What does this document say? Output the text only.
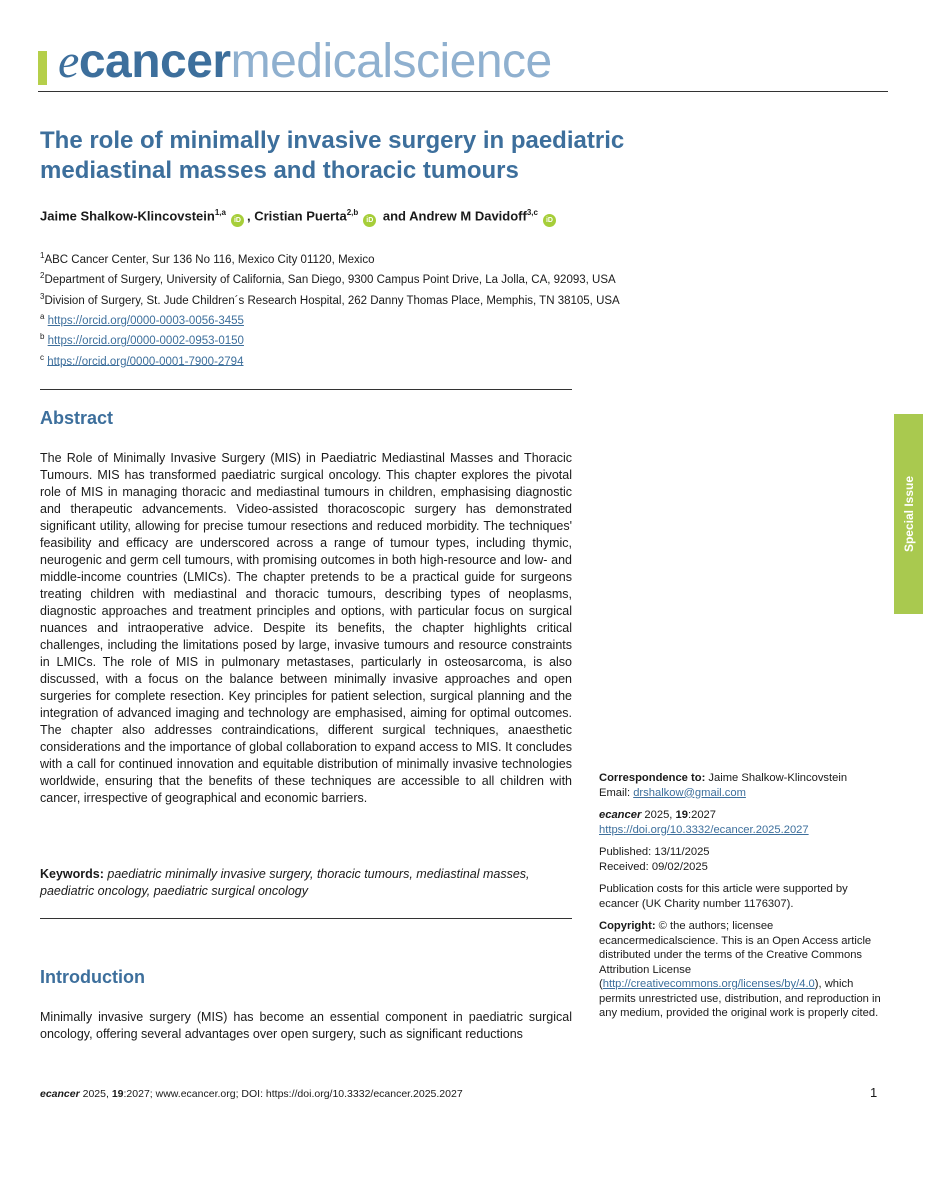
ecancermedicalscience
The role of minimally invasive surgery in paediatric mediastinal masses and thoracic tumours
Jaime Shalkow-Klincovstein$^{1,a}$iD , Cristian Puerta$^{2,b}$iD and Andrew M Davidoff$^{3,c}$iD
$^1$ABC Cancer Center, Sur 136 No 116, Mexico City 01120, Mexico
$^2$Department of Surgery, University of California, San Diego, 9300 Campus Point Drive, La Jolla, CA, 92093, USA
$^3$Division of Surgery, St. Jude Children´s Research Hospital, 262 Danny Thomas Place, Memphis, TN 38105, USA
$^a$ https://orcid.org/0000-0003-0056-3455
$^b$ https://orcid.org/0000-0002-0953-0150
$^c$ https://orcid.org/0000-0001-7900-2794
Abstract

The Role of Minimally Invasive Surgery (MIS) in Paediatric Mediastinal Masses and Thoracic Tumours. MIS has transformed paediatric surgical oncology. This chapter explores the pivotal role of MIS in managing thoracic and mediastinal tumours in children, emphasising diagnostic and therapeutic advancements. Video-assisted thoracoscopic surgery has demonstrated significant utility, allowing for precise tumour resections and reduced morbidity. The techniques' feasibility and efficacy are underscored across a range of tumour types, including thymic, neurogenic and germ cell tumours, with promising outcomes in both high-resource and low- and middle-income countries (LMICs). The chapter pretends to be a practical guide for surgeons treating children with mediastinal and thoracic tumours, describing types of neoplasms, diagnostic approaches and treatment principles and options, with particular focus on surgical nuances and intraoperative advice. Despite its benefits, the chapter highlights critical challenges, including the limitations posed by large, invasive tumours and resource constraints in LMICs. The role of MIS in pulmonary metastases, particularly in osteosarcoma, is also discussed, with a focus on the balance between minimally invasive approaches and open surgeries for complete resection. Key principles for patient selection, surgical planning and the integration of advanced imaging and technology are emphasised, aiming for optimal outcomes. The chapter also addresses contraindications, different surgical techniques, anaesthetic considerations and the importance of global collaboration to expand access to MIS. It concludes with a call for continued innovation and equitable distribution of minimally invasive technologies worldwide, ensuring that the benefits of these techniques are accessible to all children with cancer, irrespective of geographical and economic barriers.

Keywords: paediatric minimally invasive surgery, thoracic tumours, mediastinal masses, paediatric oncology, paediatric surgical oncology
Introduction

Minimally invasive surgery (MIS) has become an essential component in paediatric surgical oncology, offering several advantages over open surgery, such as significant reductions

Special Issue
Correspondence to: Jaime Shalkow-Klincovstein
Email: drshalkow@gmail.com
ecancer 2025, 19:2027
https://doi.org/10.3332/ecancer.2025.2027
Published: 13/11/2025
Received: 09/02/2025
Publication costs for this article were supported by ecancer (UK Charity number 1176307).
Copyright: © the authors; licensee ecancermedicalscience. This is an Open Access article distributed under the terms of the Creative Commons Attribution License (http://creativecommons.org/licenses/by/4.0), which permits unrestricted use, distribution, and reproduction in any medium, provided the original work is properly cited.
ecancer 2025, 19:2027; www.ecancer.org; DOI: https://doi.org/10.3332/ecancer.2025.2027	1
